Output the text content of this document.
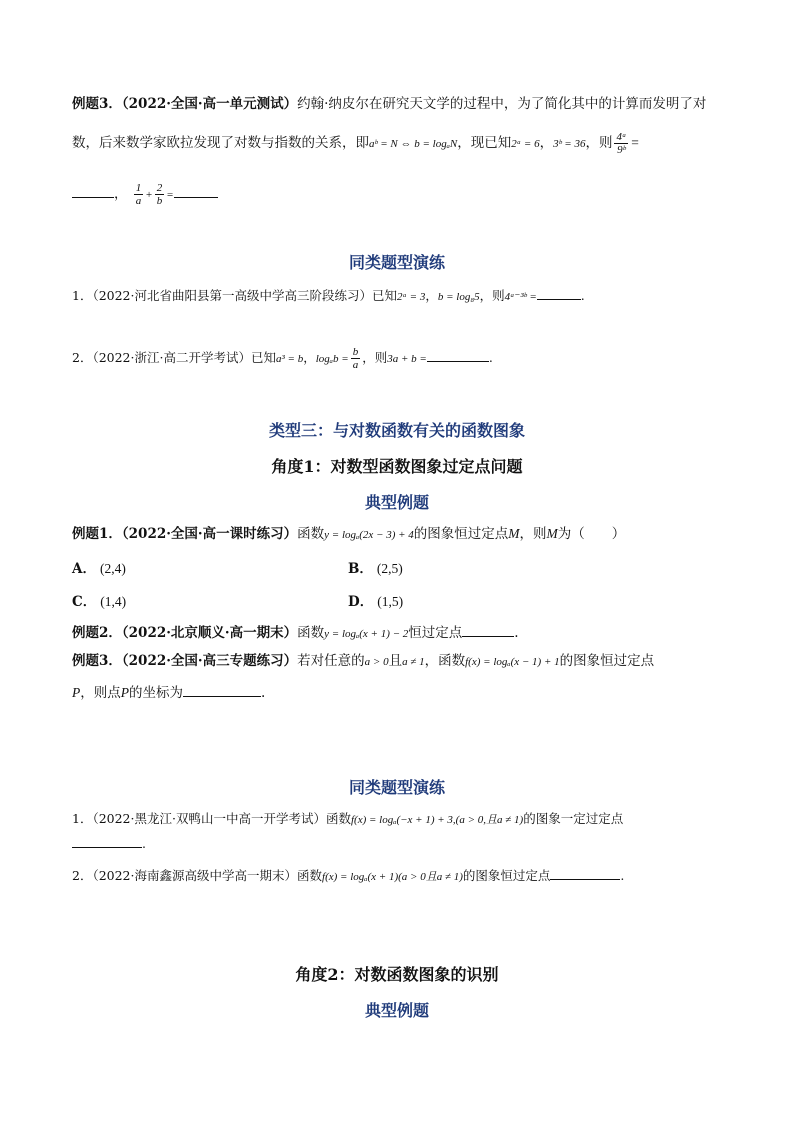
例题3．（2022·全国·高一单元测试）约翰·纳皮尔在研究天文学的过程中，为了简化其中的计算而发明了对
数，后来数学家欧拉发现了对数与指数的关系，即aᵇ = N ⇔ b = logₐN，现已知2ᵃ = 6，3ᵇ = 36，则 $\frac{\text{4ᵃ}}{\text{9ᵇ}}$ =
， $\frac{1}{a} + \frac{2}{b}$ =
同类题型演练
1．（2022·河北省曲阳县第一高级中学高三阶段练习）已知2ᵃ = 3，b = log₈5，则4ᵃ⁻³ᵇ =	.
2．（2022·浙江·高二开学考试）已知a³ = b，$\log_ab = \frac{b}{a}$ ，则3a + b =	.
类型三：与对数函数有关的函数图象
角度1：对数型函数图象过定点问题
典型例题
例题1．（2022·全国·高一课时练习）函数y = logₐ(2x − 3) + 4的图象恒过定点M，则M为（　　）
A． (2,4)	B． (2,5)
C． (1,4)	D． (1,5)
例题2．（2022·北京顺义·高一期末）函数y = logₐ(x + 1) − 2恒过定点	.
例题3．（2022·全国·高三专题练习）若对任意的a > 0且a ≠ 1，函数f(x) = logₐ(x − 1) + 1的图象恒过定点
P，则点P的坐标为	.
同类题型演练
1．（2022·黑龙江·双鸭山一中高一开学考试）函数f(x) = logₐ(−x + 1) + 3,(a > 0,且a ≠ 1)的图象一定过定点
.
2．（2022·海南鑫源高级中学高一期末）函数f(x) = logₐ(x + 1)(a > 0且a ≠ 1)的图象恒过定点	.
角度2：对数函数图象的识别
典型例题
